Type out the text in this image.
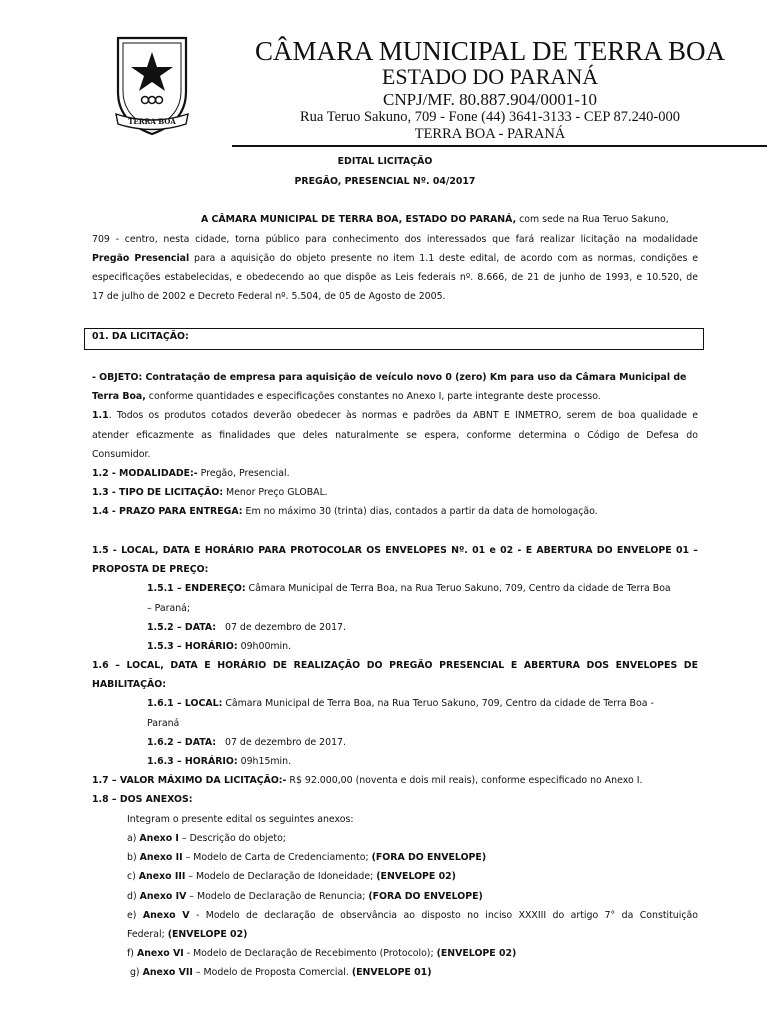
TERRA BOA
CÂMARA MUNICIPAL DE TERRA BOA
ESTADO DO PARANÁ
CNPJ/MF. 80.887.904/0001-10
Rua Teruo Sakuno, 709 - Fone (44) 3641-3133 - CEP 87.240-000
TERRA BOA - PARANÁ
EDITAL LICITAÇÃO
PREGÃO, PRESENCIAL Nº. 04/2017
A CÂMARA MUNICIPAL DE TERRA BOA, ESTADO DO PARANÁ, com sede na Rua Teruo Sakuno,
709 - centro, nesta cidade, torna público para conhecimento dos interessados que fará realizar licitação na modalidade
Pregão Presencial para a aquisição do objeto presente no item 1.1 deste edital, de acordo com as normas, condições e
especificações estabelecidas, e obedecendo ao que dispõe as Leis federais nº. 8.666, de 21 de junho de 1993, e 10.520, de
17 de julho de 2002 e Decreto Federal nº. 5.504, de 05 de Agosto de 2005.
01. DA LICITAÇÃO:
- OBJETO: Contratação de empresa para aquisição de veículo novo 0 (zero) Km para uso da Câmara Municipal de
Terra Boa, conforme quantidades e especificações constantes no Anexo I, parte integrante deste processo.
1.1. Todos os produtos cotados deverão obedecer às normas e padrões da ABNT E INMETRO, serem de boa qualidade e
atender eficazmente as finalidades que deles naturalmente se espera, conforme determina o Código de Defesa do
Consumidor.
1.2 - MODALIDADE:- Pregão, Presencial.
1.3 - TIPO DE LICITAÇÃO: Menor Preço GLOBAL.
1.4 - PRAZO PARA ENTREGA: Em no máximo 30 (trinta) dias, contados a partir da data de homologação.
1.5 - LOCAL, DATA E HORÁRIO PARA PROTOCOLAR OS ENVELOPES Nº. 01 e 02 - E ABERTURA DO ENVELOPE 01 –
PROPOSTA DE PREÇO:
1.5.1 – ENDEREÇO: Câmara Municipal de Terra Boa, na Rua Teruo Sakuno, 709, Centro da cidade de Terra Boa
– Paraná;
1.5.2 – DATA:   07 de dezembro de 2017.
1.5.3 – HORÁRIO: 09h00min.
1.6 – LOCAL, DATA E HORÁRIO DE REALIZAÇÃO DO PREGÃO PRESENCIAL E ABERTURA DOS ENVELOPES DE
HABILITAÇÃO:
1.6.1 – LOCAL: Câmara Municipal de Terra Boa, na Rua Teruo Sakuno, 709, Centro da cidade de Terra Boa -
Paraná
1.6.2 – DATA:   07 de dezembro de 2017.
1.6.3 – HORÁRIO: 09h15min.
1.7 – VALOR MÁXIMO DA LICITAÇÃO:- R$ 92.000,00 (noventa e dois mil reais), conforme especificado no Anexo I.
1.8 – DOS ANEXOS:
Integram o presente edital os seguintes anexos:
a) Anexo I – Descrição do objeto;
b) Anexo II – Modelo de Carta de Credenciamento; (FORA DO ENVELOPE)
c) Anexo III – Modelo de Declaração de Idoneidade; (ENVELOPE 02)
d) Anexo IV – Modelo de Declaração de Renuncia; (FORA DO ENVELOPE)
e) Anexo V - Modelo de declaração de observância ao disposto no inciso XXXIII do artigo 7° da Constituição
Federal; (ENVELOPE 02)
f) Anexo VI - Modelo de Declaração de Recebimento (Protocolo); (ENVELOPE 02)
g) Anexo VII – Modelo de Proposta Comercial. (ENVELOPE 01)
